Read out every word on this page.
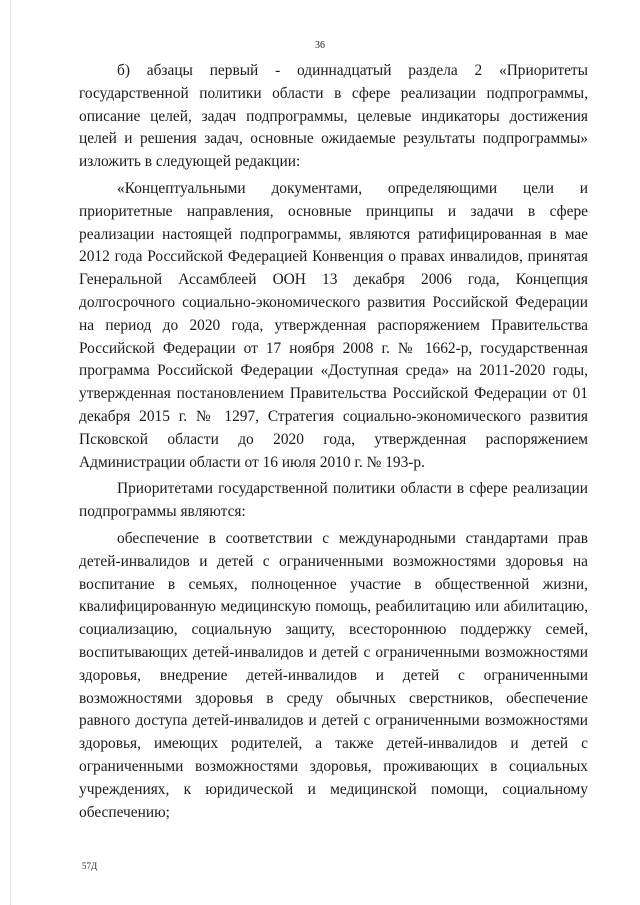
36

б) абзацы первый - одиннадцатый раздела 2 «Приоритеты государственной политики области в сфере реализации подпрограммы, описание целей, задач подпрограммы, целевые индикаторы достижения целей и решения задач, основные ожидаемые результаты подпрограммы» изложить в следующей редакции:

«Концептуальными документами, определяющими цели и приоритетные направления, основные принципы и задачи в сфере реализации настоящей подпрограммы, являются ратифицированная в мае 2012 года Российской Федерацией Конвенция о правах инвалидов, принятая Генеральной Ассамблеей ООН 13 декабря 2006 года, Концепция долгосрочного социально-экономического развития Российской Федерации на период до 2020 года, утвержденная распоряжением Правительства Российской Федерации от 17 ноября 2008 г. № 1662-р, государственная программа Российской Федерации «Доступная среда» на 2011-2020 годы, утвержденная постановлением Правительства Российской Федерации от 01 декабря 2015 г. № 1297, Стратегия социально-экономического развития Псковской области до 2020 года, утвержденная распоряжением Администрации области от 16 июля 2010 г. № 193-р.

Приоритетами государственной политики области в сфере реализации подпрограммы являются:

обеспечение в соответствии с международными стандартами прав детей-инвалидов и детей с ограниченными возможностями здоровья на воспитание в семьях, полноценное участие в общественной жизни, квалифицированную медицинскую помощь, реабилитацию или абилитацию, социализацию, социальную защиту, всестороннюю поддержку семей, воспитывающих детей-инвалидов и детей с ограниченными возможностями здоровья, внедрение детей-инвалидов и детей с ограниченными возможностями здоровья в среду обычных сверстников, обеспечение равного доступа детей-инвалидов и детей с ограниченными возможностями здоровья, имеющих родителей, а также детей-инвалидов и детей с ограниченными возможностями здоровья, проживающих в социальных учреждениях, к юридической и медицинской помощи, социальному обеспечению;

57Д
